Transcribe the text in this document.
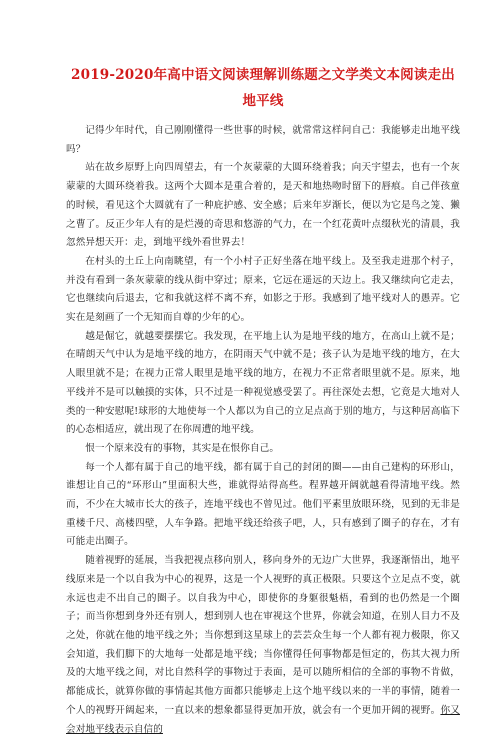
2019-2020年高中语文阅读理解训练题之文学类文本阅读走出地平线

记得少年时代，自己刚刚懂得一些世事的时候，就常常这样问自己：我能够走出地平线吗？

站在故乡原野上向四周望去，有一个灰蒙蒙的大圆环绕着我；向天宇望去，也有一个灰蒙蒙的大圆环绕着我。这两个大圆本是重合着的，是天和地热吻时留下的唇痕。自己伴孩童的时候，看见这个大圆就有了一种庇护感、安全感；后来年岁渐长，便以为它是鸟之笼、獭之曹了。反正少年人有的是烂漫的奇思和悠游的气力，在一个红花黄叶点缀秋光的清晨，我忽然异想天开：走，到地平线外看世界去！

在村头的土丘上向南眺望，有一个小村子正好坐落在地平线上。及至我走进那个村子，并没有看到一条灰蒙蒙的线从街中穿过；原来，它远在遥远的天边上。我又继续向它走去，它也继续向后退去，它和我就这样不离不弃，如影之于形。我感到了地平线对人的愚弄。它实在是刻画了一个无知而自尊的少年的心。

越是倔它，就越要摆摆它。我发现，在平地上认为是地平线的地方，在高山上就不是；在晴朗天气中认为是地平线的地方，在阴雨天气中就不是；孩子认为是地平线的地方，在大人眼里就不是；在视力正常人眼里是地平线的地方，在视力不正常者眼里就不是。原来，地平线并不是可以触摸的实体，只不过是一种视觉感受罢了。再往深处去想，它竟是大地对人类的一种安慰呢!球形的大地使每一个人都以为自己的立足点高于别的地方，与这种居高临下的心态相适应，就出现了在你周遭的地平线。

恨一个原来没有的事物，其实是在恨你自己。

每一个人都有属于自己的地平线，都有属于自己的封闭的圈——由自己建构的环形山，谁想让自己的“环形山”里面积大些，谁就得站得高些。程界越开阔就越看得清地平线。然而，不少在大城市长大的孩子，连地平线也不曾见过。他们平素里放眼环绕，见到的无非是重楼千尺、高楼四壁，人车争路。把地平线还给孩子吧，人，只有感到了圈子的存在，才有可能走出圈子。

随着视野的延展，当我把视点移向别人，移向身外的无边广大世界，我逐渐悟出，地平线原来是一个以自我为中心的视界，这是一个人视野的真正极限。只要这个立足点不变，就永远也走不出自己的圈子。以自我为中心，即使你的身躯很魁梧，看到的也仍然是一个圈子；而当你想到身外还有别人，想到别人也在审视这个世界，你就会知道，在别人目力不及之处，你就在他的地平线之外；当你想到这星球上的芸芸众生每一个人都有视力极限，你又会知道，我们脚下的大地每一处都是地平线；当你懂得任何事物都是恒定的，伤其大视力所及的大地平线之间，对比自然科学的事物过于表面，是可以随所相信的全部的事物不肯做，都能成长，就算你做的事情起其他方面都只能够走上这个地平线以来的一半的事情，随着一个人的视野开阔起来，一直以来的想象都显得更加开放，就会有一个更加开阔的视野。你又会对地平线表示自信的
